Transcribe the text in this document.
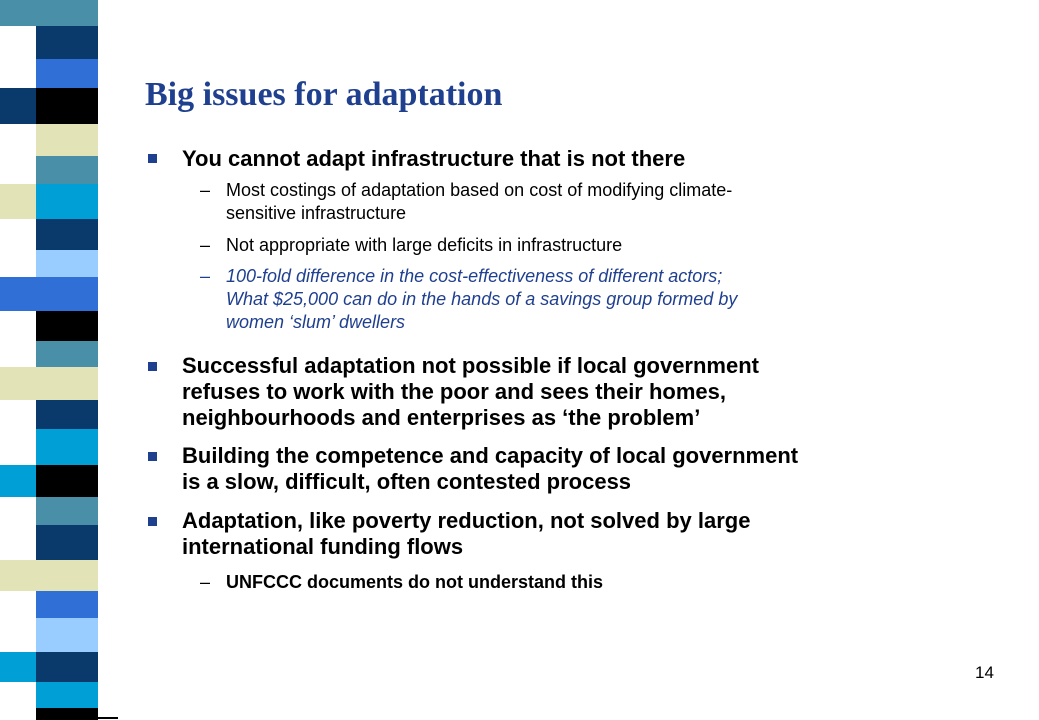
Big issues for adaptation
You cannot adapt infrastructure that is not there
– Most costings of adaptation based on cost of modifying climate-
sensitive infrastructure
– Not appropriate with large deficits in infrastructure
– 100-fold difference in the cost-effectiveness of different actors;
What $25,000 can do in the hands of a savings group formed by
women ‘slum’ dwellers
Successful adaptation not possible if local government
refuses to work with the poor and sees their homes,
neighbourhoods and enterprises as ‘the problem’
Building the competence and capacity of local government
is a slow, difficult, often contested process
Adaptation, like poverty reduction, not solved by large
international funding flows
– UNFCCC documents do not understand this
14
